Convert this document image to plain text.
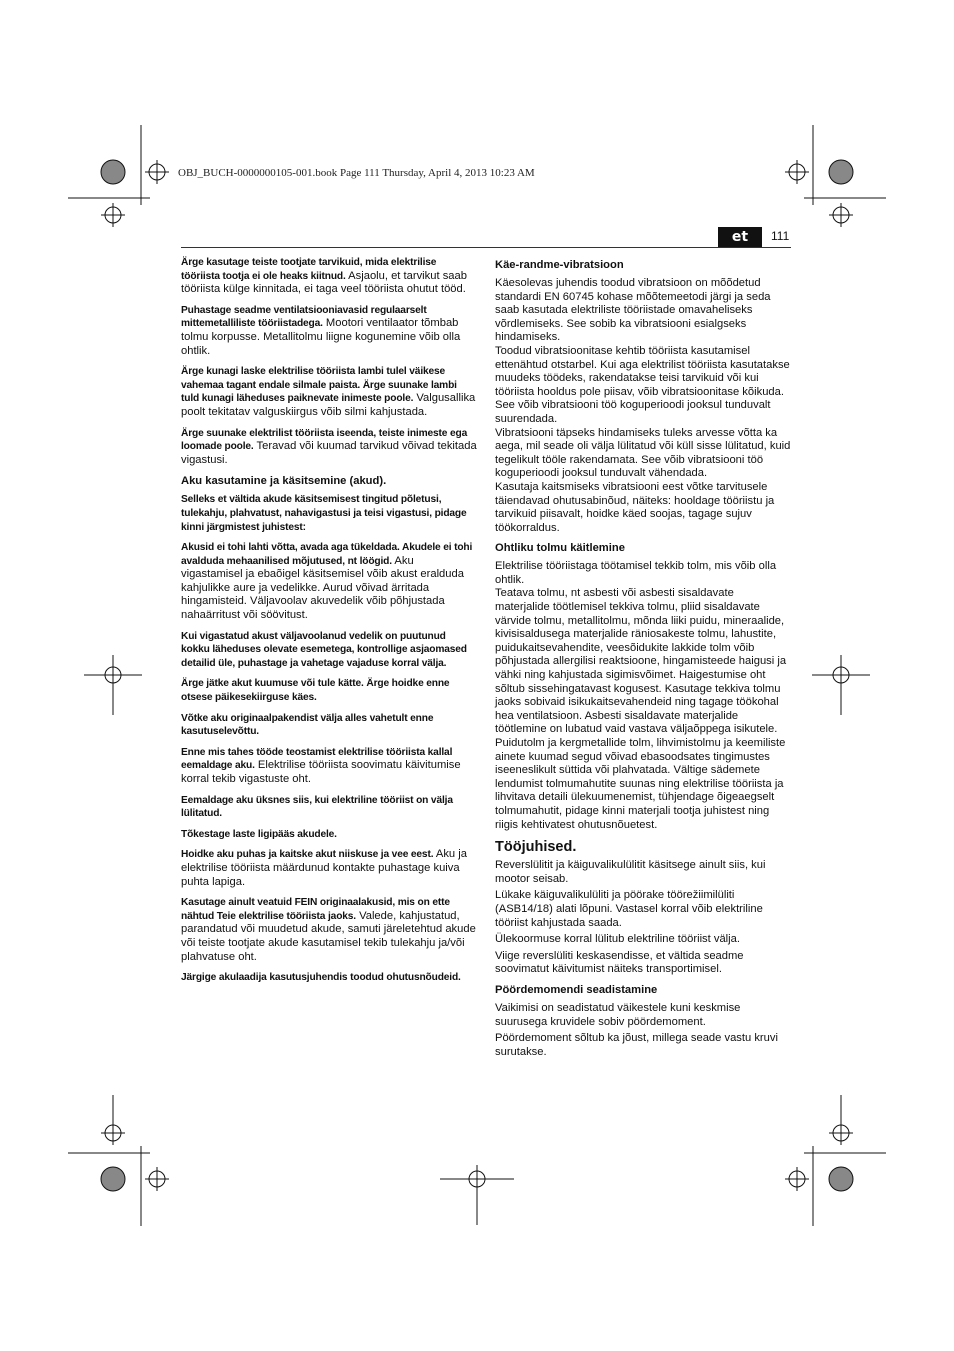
OBJ_BUCH-0000000105-001.book Page 111 Thursday, April 4, 2013 10:23 AM
et	111

Ärge kasutage teiste tootjate tarvikuid, mida elektrilise tööriista tootja ei ole heaks kiitnud. Asjaolu, et tarvikut saab tööriista külge kinnitada, ei taga veel tööriista ohutut tööd.

Puhastage seadme ventilatsiooniavasid regulaarselt mittemetalliliste tööriistadega. Mootori ventilaator tõmbab tolmu korpusse. Metallitolmu liigne kogunemine võib olla ohtlik.

Ärge kunagi laske elektrilise tööriista lambi tulel väikese vahemaa tagant endale silmale paista. Ärge suunake lambi tuld kunagi läheduses paiknevate inimeste poole. Valgusallika poolt tekitatav valguskiirgus võib silmi kahjustada.

Ärge suunake elektrilist tööriista iseenda, teiste inimeste ega loomade poole. Teravad või kuumad tarvikud võivad tekitada vigastusi.

Aku kasutamine ja käsitsemine (akud).

Selleks et vältida akude käsitsemisest tingitud põletusi, tulekahju, plahvatust, nahavigastusi ja teisi vigastusi, pidage kinni järgmistest juhistest:

Akusid ei tohi lahti võtta, avada aga tükeldada. Akudele ei tohi avalduda mehaanilised mõjutused, nt löögid. Aku vigastamisel ja ebaõigel käsitsemisel võib akust eralduda kahjulikke aure ja vedelikke. Aurud võivad ärritada hingamisteid. Väljavoolav akuvedelik võib põhjustada nahaärritust või söövitust.

Kui vigastatud akust väljavoolanud vedelik on puutunud kokku läheduses olevate esemetega, kontrollige asjaomased detailid üle, puhastage ja vahetage vajaduse korral välja.

Ärge jätke akut kuumuse või tule kätte. Ärge hoidke enne otsese päikesekiirguse käes.

Võtke aku originaalpakendist välja alles vahetult enne kasutuselevõttu.

Enne mis tahes tööde teostamist elektrilise tööriista kallal eemaldage aku. Elektrilise tööriista soovimatu käivitumise korral tekib vigastuste oht.

Eemaldage aku üksnes siis, kui elektriline tööriist on välja lülitatud.

Tõkestage laste ligipääs akudele.

Hoidke aku puhas ja kaitske akut niiskuse ja vee eest. Aku ja elektrilise tööriista määrdunud kontakte puhastage kuiva puhta lapiga.

Kasutage ainult veatuid FEIN originaalakusid, mis on ette nähtud Teie elektrilise tööriista jaoks. Valede, kahjustatud, parandatud või muudetud akude, samuti järeletehtud akude või teiste tootjate akude kasutamisel tekib tulekahju ja/või plahvatuse oht.

Järgige akulaadija kasutusjuhendis toodud ohutusnõudeid.

Käe-randme-vibratsioon

Käesolevas juhendis toodud vibratsioon on mõõdetud standardi EN 60745 kohase mõõtemeetodi järgi ja seda saab kasutada elektriliste tööriistade omavaheliseks võrdlemiseks. See sobib ka vibratsiooni esialgseks hindamiseks.

Toodud vibratsioonitase kehtib tööriista kasutamisel ettenähtud otstarbel. Kui aga elektrilist tööriista kasutatakse muudeks töödeks, rakendatakse teisi tarvikuid või kui tööriista hooldus pole piisav, võib vibratsioonitase kõikuda. See võib vibratsiooni töö koguperioodi jooksul tunduvalt suurendada.

Vibratsiooni täpseks hindamiseks tuleks arvesse võtta ka aega, mil seade oli välja lülitatud või küll sisse lülitatud, kuid tegelikult tööle rakendamata. See võib vibratsiooni töö koguperioodi jooksul tunduvalt vähendada.

Kasutaja kaitsmiseks vibratsiooni eest võtke tarvitusele täiendavad ohutusabinõud, näiteks: hooldage tööriistu ja tarvikuid piisavalt, hoidke käed soojas, tagage sujuv töökorraldus.

Ohtliku tolmu käitlemine

Elektrilise tööriistaga töötamisel tekkib tolm, mis võib olla ohtlik.

Teatava tolmu, nt asbesti või asbesti sisaldavate materjalide töötlemisel tekkiva tolmu, pliid sisaldavate värvide tolmu, metallitolmu, mõnda liiki puidu, mineraalide, kivisisaldusega materjalide räniosakeste tolmu, lahustite, puidukaitsevahendite, veesõidukite lakkide tolm võib põhjustada allergilisi reaktsioone, hingamisteede haigusi ja vähki ning kahjustada sigimisvõimet. Haigestumise oht sõltub sissehingatavast kogusest. Kasutage tekkiva tolmu jaoks sobivaid isikukaitsevahendeid ning tagage töökohal hea ventilatsioon. Asbesti sisaldavate materjalide töötlemine on lubatud vaid vastava väljaõppega isikutele.

Puidutolm ja kergmetallide tolm, lihvimistolmu ja keemiliste ainete kuumad segud võivad ebasoodsates tingimustes iseeneslikult süttida või plahvatada. Vältige sädemete lendumist tolmumahutite suunas ning elektrilise tööriista ja lihvitava detaili ülekuumenemist, tühjendage õigeaegselt tolmumahutit, pidage kinni materjali tootja juhistest ning riigis kehtivatest ohutusnõuetest.

Tööjuhised.

Reverslülitit ja käiguvalikulülitit käsitsege ainult siis, kui mootor seisab.

Lükake käiguvalikulüliti ja pöörake töörežiimilüliti (ASB14/18) alati lõpuni. Vastasel korral võib elektriline tööriist kahjustada saada.

Ülekoormuse korral lülitub elektriline tööriist välja.

Viige reverslüliti keskasendisse, et vältida seadme soovimatut käivitumist näiteks transportimisel.

Pöördemomendi seadistamine

Vaikimisi on seadistatud väikestele kuni keskmise suurusega kruvidele sobiv pöördemoment.

Pöördemoment sõltub ka jõust, millega seade vastu kruvi surutakse.
